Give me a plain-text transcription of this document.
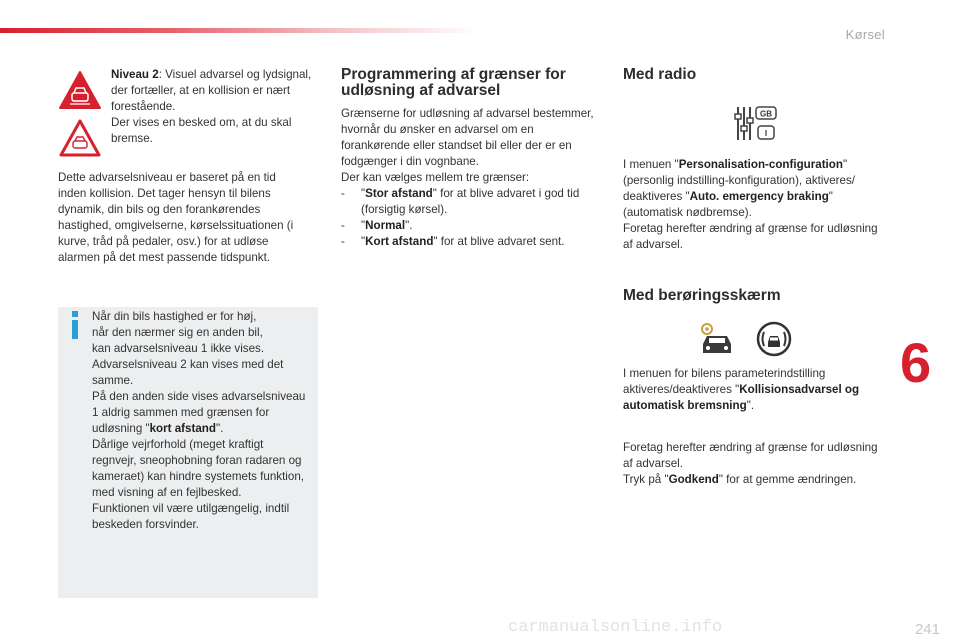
Kørsel
Niveau 2: Visuel advarsel og lydsignal, der fortæller, at en kollision er nært forestående.
Der vises en besked om, at du skal bremse.
Dette advarselsniveau er baseret på en tid inden kollision. Det tager hensyn til bilens dynamik, din bils og den forankørendes hastighed, omgivelserne, kørselssituationen (i kurve, tråd på pedaler, osv.) for at udløse alarmen på det mest passende tidspunkt.
Når din bils hastighed er for høj,
når den nærmer sig en anden bil,
kan advarselsniveau 1 ikke vises.
Advarselsniveau 2 kan vises med det samme.
På den anden side vises advarselsniveau 1 aldrig sammen med grænsen for udløsning "kort afstand".
Dårlige vejrforhold (meget kraftigt regnvejr, sneophobning foran radaren og kameraet) kan hindre systemets funktion, med visning af en fejlbesked.
Funktionen vil være utilgængelig, indtil beskeden forsvinder.
Programmering af grænser for udløsning af advarsel
Grænserne for udløsning af advarsel bestemmer, hvornår du ønsker en advarsel om en forankørende eller standset bil eller der er en fodgænger i din vognbane.
Der kan vælges mellem tre grænser:
-	"Stor afstand" for at blive advaret i god tid (forsigtig kørsel).
-	"Normal".
-	"Kort afstand" for at blive advaret sent.
Med radio
GB
I
I menuen "Personalisation-configuration" (personlig indstilling-konfiguration), aktiveres/ deaktiveres "Auto. emergency braking" (automatisk nødbremse).
Foretag herefter ændring af grænse for udløsning af advarsel.
Med berøringsskærm
I menuen for bilens parameterindstilling aktiveres/deaktiveres "Kollisionsadvarsel og automatisk bremsning".
Foretag herefter ændring af grænse for udløsning af advarsel.
Tryk på "Godkend" for at gemme ændringen.
6
carmanualsonline.info	241
